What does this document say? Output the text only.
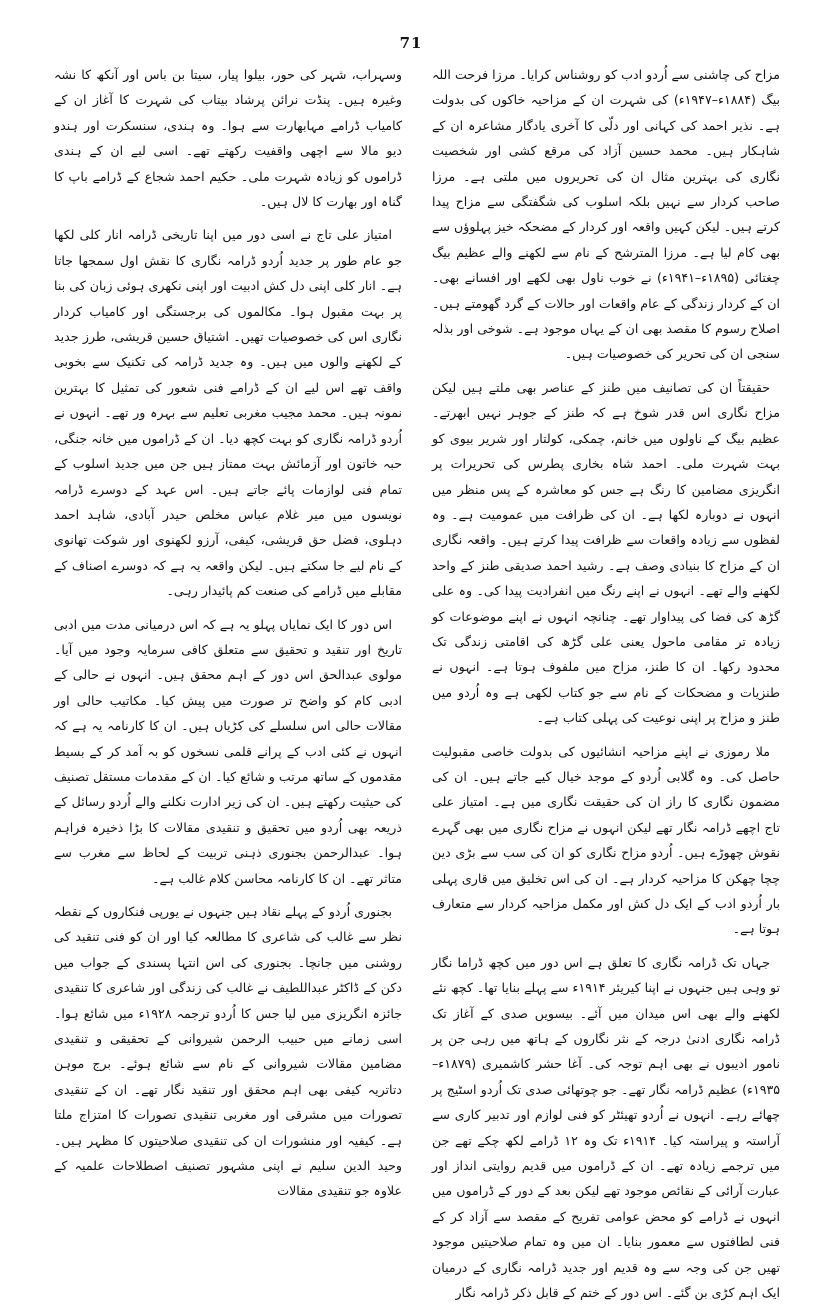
71

مزاح کی چاشنی سے اُردو ادب کو روشناس کرایا۔ مرزا فرحت اللہ بیگ (۱۸۸۴ء–۱۹۴۷ء) کی شہرت ان کے مزاحیہ خاکوں کی بدولت ہے۔ نذیر احمد کی کہانی اور دلّی کا آخری یادگار مشاعرہ ان کے شاہکار ہیں۔ محمد حسین آزاد کی مرقع کشی اور شخصیت نگاری کی بہترین مثال ان کی تحریروں میں ملتی ہے۔ مرزا صاحب کردار سے نہیں بلکہ اسلوب کی شگفتگی سے مزاح پیدا کرتے ہیں۔ لیکن کہیں واقعہ اور کردار کے مضحکہ خیز پہلوؤں سے بھی کام لیا ہے۔ مرزا المترشح کے نام سے لکھنے والے عظیم بیگ چغتائی (۱۸۹۵ء–۱۹۴۱ء) نے خوب ناول بھی لکھے اور افسانے بھی۔ ان کے کردار زندگی کے عام واقعات اور حالات کے گرد گھومتے ہیں۔ اصلاح رسوم کا مقصد بھی ان کے یہاں موجود ہے۔ شوخی اور بذلہ سنجی ان کی تحریر کی خصوصیات ہیں۔

حقیقتاً ان کی تصانیف میں طنز کے عناصر بھی ملتے ہیں لیکن مزاح نگاری اس قدر شوخ ہے کہ طنز کے جوہر نہیں ابھرتے۔ عظیم بیگ کے ناولوں میں خانم، چمکی، کولتار اور شریر بیوی کو بہت شہرت ملی۔ احمد شاہ بخاری پطرس کی تحریرات پر انگریزی مضامین کا رنگ ہے جس کو معاشرہ کے پس منظر میں انہوں نے دوبارہ لکھا ہے۔ ان کی ظرافت میں عمومیت ہے۔ وہ لفظوں سے زیادہ واقعات سے ظرافت پیدا کرتے ہیں۔ واقعہ نگاری ان کے مزاح کا بنیادی وصف ہے۔ رشید احمد صدیقی طنز کے واحد لکھنے والے تھے۔ انہوں نے اپنے رنگ میں انفرادیت پیدا کی۔ وہ علی گڑھ کی فضا کی پیداوار تھے۔ چنانچہ انہوں نے اپنے موضوعات کو زیادہ تر مقامی ماحول یعنی علی گڑھ کی اقامتی زندگی تک محدود رکھا۔ ان کا طنز، مزاح میں ملفوف ہوتا ہے۔ انہوں نے طنزیات و مضحکات کے نام سے جو کتاب لکھی ہے وہ اُردو میں طنز و مزاح پر اپنی نوعیت کی پہلی کتاب ہے۔

ملا رموزی نے اپنے مزاحیہ انشائیوں کی بدولت خاصی مقبولیت حاصل کی۔ وہ گلابی اُردو کے موجد خیال کیے جاتے ہیں۔ ان کی مضمون نگاری کا راز ان کی حقیقت نگاری میں ہے۔ امتیاز علی تاج اچھے ڈرامہ نگار تھے لیکن انہوں نے مزاح نگاری میں بھی گہرے نقوش چھوڑے ہیں۔ اُردو مزاح نگاری کو ان کی سب سے بڑی دین چچا چھکن کا مزاحیہ کردار ہے۔ ان کی اس تخلیق میں قاری پہلی بار اُردو ادب کے ایک دل کش اور مکمل مزاحیہ کردار سے متعارف ہوتا ہے۔

جہاں تک ڈرامہ نگاری کا تعلق ہے اس دور میں کچھ ڈراما نگار تو وہی ہیں جنہوں نے اپنا کیریئر ۱۹۱۴ء سے پہلے بنایا تھا۔ کچھ نئے لکھنے والے بھی اس میدان میں آئے۔ بیسویں صدی کے آغاز تک ڈرامہ نگاری ادنیٰ درجہ کے نثر نگاروں کے ہاتھ میں رہی جن پر نامور ادیبوں نے بھی اہم توجہ کی۔ آغا حشر کاشمیری (۱۸۷۹ء–۱۹۳۵ء) عظیم ڈرامہ نگار تھے۔ جو چوتھائی صدی تک اُردو اسٹیج پر چھائے رہے۔ انہوں نے اُردو تھیئٹر کو فنی لوازم اور تدبیر کاری سے آراستہ و پیراستہ کیا۔ ۱۹۱۴ء تک وہ ۱۲ ڈرامے لکھ چکے تھے جن میں ترجمے زیادہ تھے۔ ان کے ڈراموں میں قدیم روایتی انداز اور عبارت آرائی کے نقائص موجود تھے لیکن بعد کے دور کے ڈراموں میں انہوں نے ڈرامے کو محض عوامی تفریح کے مقصد سے آزاد کر کے فنی لطافتوں سے معمور بنایا۔ ان میں وہ تمام صلاحیتیں موجود تھیں جن کی وجہ سے وہ قدیم اور جدید ڈرامہ نگاری کے درمیان ایک اہم کڑی بن گئے۔ اس دور کے ختم کے قابل ذکر ڈرامہ نگار

وسہراب، شہر کی حور، بیلوا پیار، سیتا بن باس اور آنکھ کا نشہ وغیرہ ہیں۔ پنڈت نرائن پرشاد بیتاب کی شہرت کا آغاز ان کے کامیاب ڈرامے مہابھارت سے ہوا۔ وہ ہندی، سنسکرت اور ہندو دیو مالا سے اچھی واقفیت رکھتے تھے۔ اسی لیے ان کے ہندی ڈراموں کو زیادہ شہرت ملی۔ حکیم احمد شجاع کے ڈرامے باپ کا گناہ اور بھارت کا لال ہیں۔

امتیاز علی تاج نے اسی دور میں اپنا تاریخی ڈرامہ انار کلی لکھا جو عام طور پر جدید اُردو ڈرامہ نگاری کا نقش اول سمجھا جاتا ہے۔ انار کلی اپنی دل کش ادبیت اور اپنی نکھری ہوئی زبان کی بنا پر بہت مقبول ہوا۔ مکالموں کی برجستگی اور کامیاب کردار نگاری اس کی خصوصیات تھیں۔ اشتیاق حسین قریشی، طرز جدید کے لکھنے والوں میں ہیں۔ وہ جدید ڈرامہ کی تکنیک سے بخوبی واقف تھے اس لیے ان کے ڈرامے فنی شعور کی تمثیل کا بہترین نمونہ ہیں۔ محمد مجیب مغربی تعلیم سے بہرہ ور تھے۔ انہوں نے اُردو ڈرامہ نگاری کو بہت کچھ دیا۔ ان کے ڈراموں میں خانہ جنگی، حبہ خاتون اور آزمائش بہت ممتاز ہیں جن میں جدید اسلوب کے تمام فنی لوازمات پائے جاتے ہیں۔ اس عہد کے دوسرے ڈرامہ نویسوں میں میر غلام عباس مخلص حیدر آبادی، شاہد احمد دہلوی، فضل حق قریشی، کیفی، آرزو لکھنوی اور شوکت تھانوی کے نام لیے جا سکتے ہیں۔ لیکن واقعہ یہ ہے کہ دوسرے اصناف کے مقابلے میں ڈرامے کی صنعت کم پائیدار رہی۔

اس دور کا ایک نمایاں پہلو یہ ہے کہ اس درمیانی مدت میں ادبی تاریخ اور تنقید و تحقیق سے متعلق کافی سرمایہ وجود میں آیا۔ مولوی عبدالحق اس دور کے اہم محقق ہیں۔ انہوں نے حالی کے ادبی کام کو واضح تر صورت میں پیش کیا۔ مکاتیب حالی اور مقالات حالی اس سلسلے کی کڑیاں ہیں۔ ان کا کارنامہ یہ ہے کہ انہوں نے کئی ادب کے پرانے قلمی نسخوں کو بہ آمد کر کے بسیط مقدموں کے ساتھ مرتب و شائع کیا۔ ان کے مقدمات مستقل تصنیف کی حیثیت رکھتے ہیں۔ ان کی زیر ادارت نکلنے والے اُردو رسائل کے ذریعہ بھی اُردو میں تحقیق و تنقیدی مقالات کا بڑا ذخیرہ فراہم ہوا۔ عبدالرحمن بجنوری ذہنی تربیت کے لحاظ سے مغرب سے متاثر تھے۔ ان کا کارنامہ محاسن کلام غالب ہے۔

بجنوری اُردو کے پہلے نقاد ہیں جنہوں نے یورپی فنکاروں کے نقطہ نظر سے غالب کی شاعری کا مطالعہ کیا اور ان کو فنی تنقید کی روشنی میں جانچا۔ بجنوری کی اس انتہا پسندی کے جواب میں دکن کے ڈاکٹر عبداللطیف نے غالب کی زندگی اور شاعری کا تنقیدی جائزہ انگریزی میں لیا جس کا اُردو ترجمہ ۱۹۲۸ء میں شائع ہوا۔ اسی زمانے میں حبیب الرحمن شیروانی کے تحقیقی و تنقیدی مضامین مقالات شیروانی کے نام سے شائع ہوئے۔ برج موہن دتاتریہ کیفی بھی اہم محقق اور تنقید نگار تھے۔ ان کے تنقیدی تصورات میں مشرقی اور مغربی تنقیدی تصورات کا امتزاج ملتا ہے۔ کیفیہ اور منشورات ان کی تنقیدی صلاحیتوں کا مظہر ہیں۔ وحید الدین سلیم نے اپنی مشہور تصنیف اصطلاحات علمیہ کے علاوہ جو تنقیدی مقالات
